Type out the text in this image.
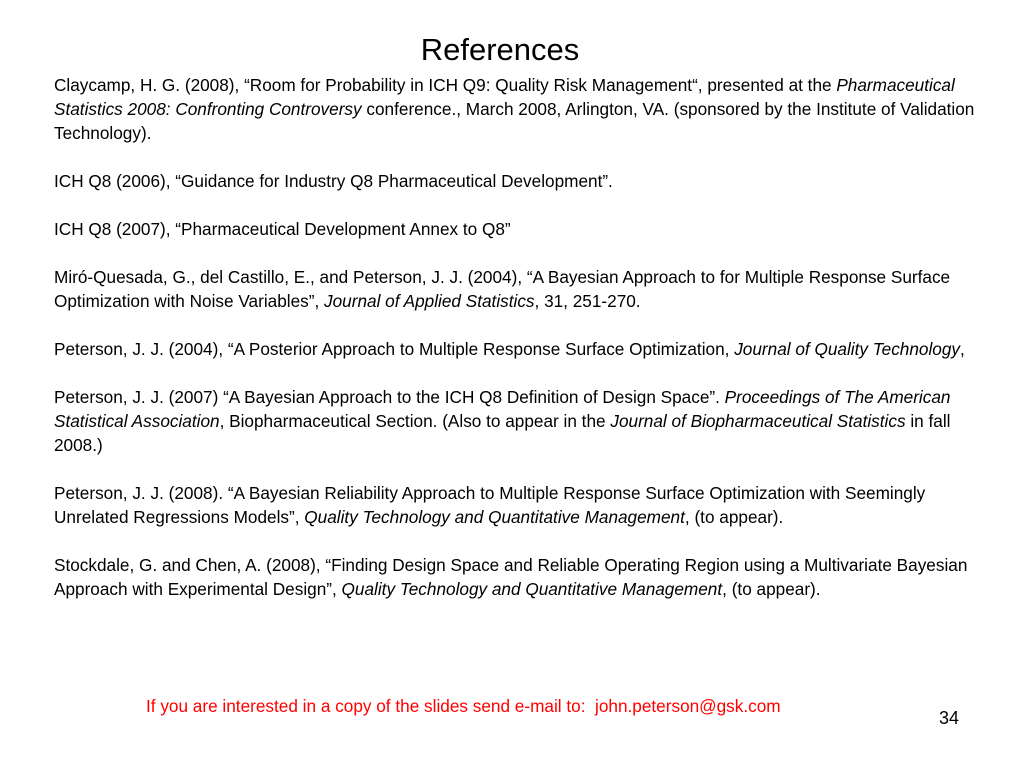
References

Claycamp, H. G. (2008), “Room for Probability in ICH Q9: Quality Risk Management“, presented at the Pharmaceutical Statistics 2008: Confronting Controversy conference., March 2008, Arlington, VA. (sponsored by the Institute of Validation Technology).

ICH Q8 (2006), “Guidance for Industry Q8 Pharmaceutical Development”.

ICH Q8 (2007), “Pharmaceutical Development Annex to Q8”

Miró-Quesada, G., del Castillo, E., and Peterson, J. J. (2004), “A Bayesian Approach to for Multiple Response Surface Optimization with Noise Variables”, Journal of Applied Statistics, 31, 251-270.

Peterson, J. J. (2004), “A Posterior Approach to Multiple Response Surface Optimization, Journal of Quality Technology,

Peterson, J. J. (2007) “A Bayesian Approach to the ICH Q8 Definition of Design Space”. Proceedings of The American Statistical Association, Biopharmaceutical Section. (Also to appear in the Journal of Biopharmaceutical Statistics in fall 2008.)

Peterson, J. J. (2008). “A Bayesian Reliability Approach to Multiple Response Surface Optimization with Seemingly Unrelated Regressions Models”, Quality Technology and Quantitative Management, (to appear).

Stockdale, G. and Chen, A. (2008), “Finding Design Space and Reliable Operating Region using a Multivariate Bayesian Approach with Experimental Design”, Quality Technology and Quantitative Management, (to appear).

If you are interested in a copy of the slides send e-mail to:  john.peterson@gsk.com
34
